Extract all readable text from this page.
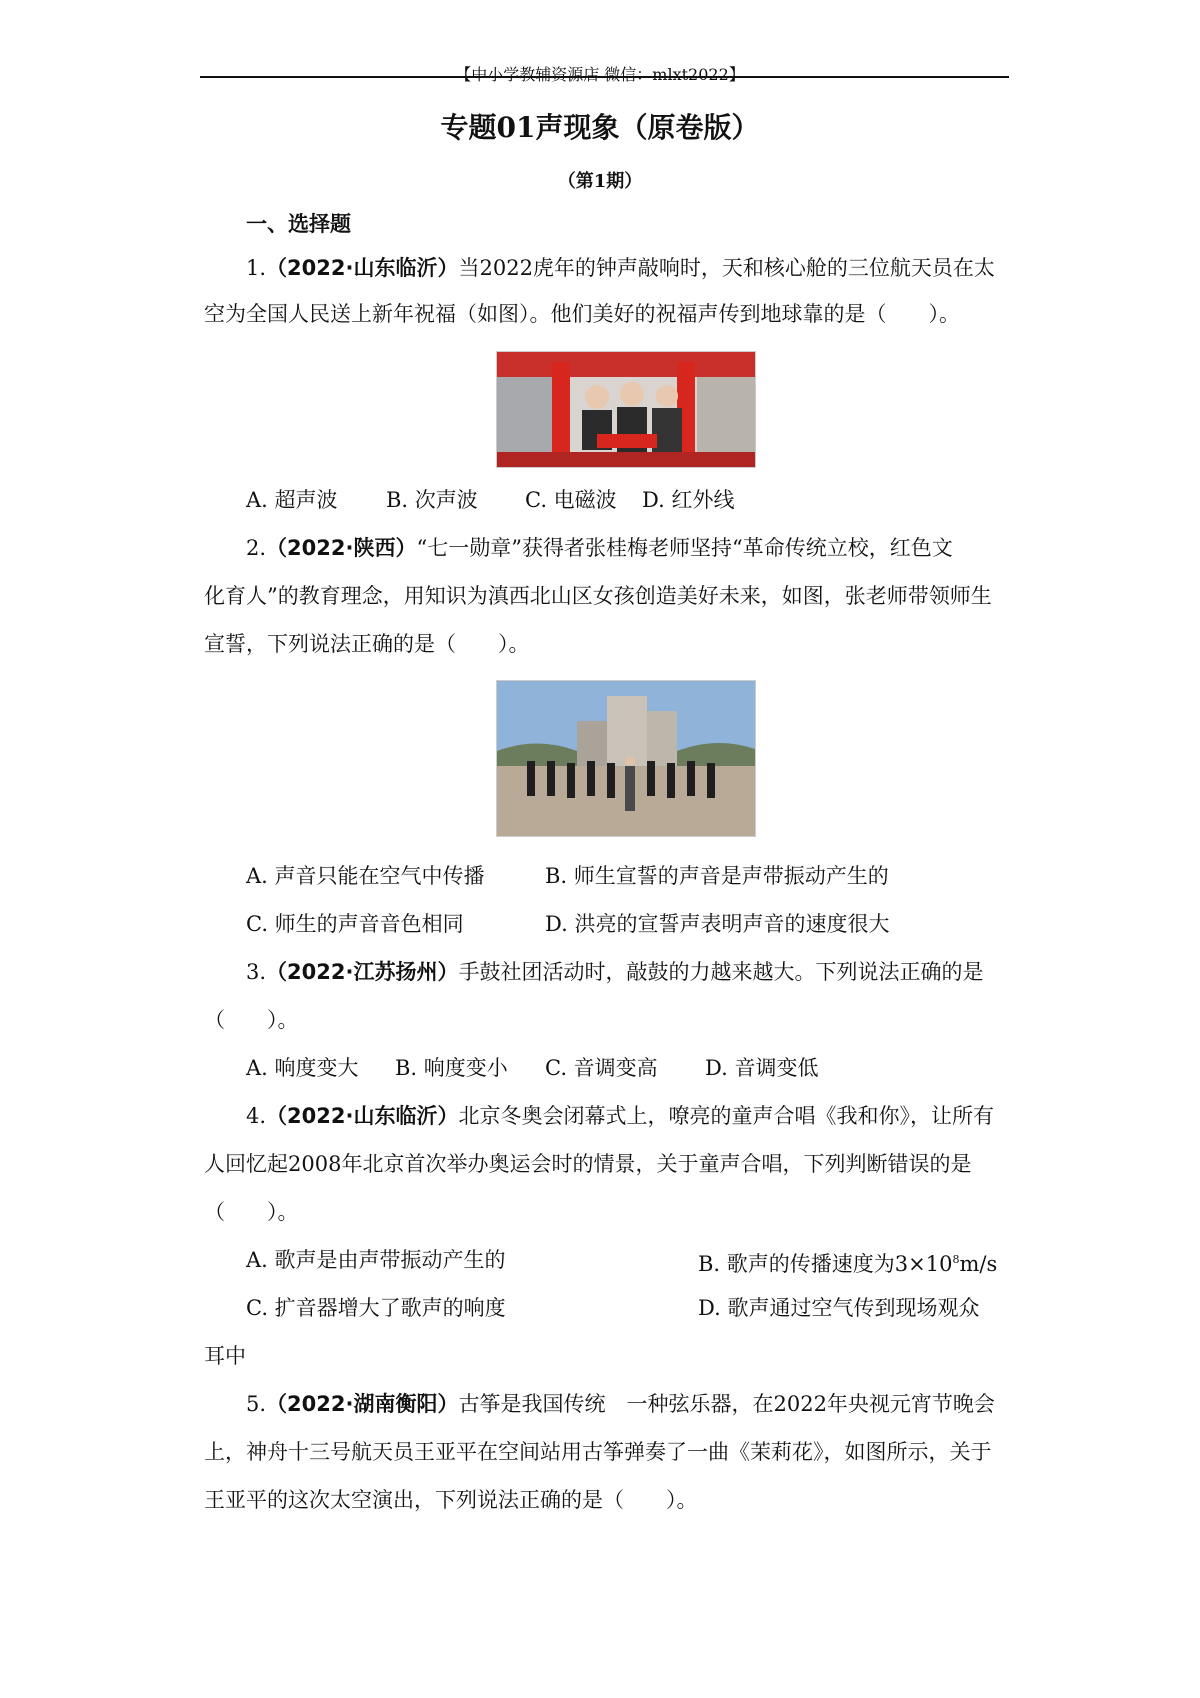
【中小学教辅资源店 微信：mlxt2022】
专题01声现象（原卷版）
（第1期）
一、选择题
1.（2022·山东临沂）当2022虎年的钟声敲响时，天和核心舱的三位航天员在太
空为全国人民送上新年祝福（如图）。他们美好的祝福声传到地球靠的是（　　）。
A. 超声波 B. 次声波 C. 电磁波 D. 红外线
2.（2022·陕西）“七一勋章”获得者张桂梅老师坚持“革命传统立校，红色文
化育人”的教育理念，用知识为滇西北山区女孩创造美好未来，如图，张老师带领师生
宣誓，下列说法正确的是（　　）。
A. 声音只能在空气中传播	B. 师生宣誓的声音是声带振动产生的
C. 师生的声音音色相同	D. 洪亮的宣誓声表明声音的速度很大
3.（2022·江苏扬州）手鼓社团活动时，敲鼓的力越来越大。下列说法正确的是
（　　）。
A. 响度变大 B. 响度变小 C. 音调变高 D. 音调变低
4.（2022·山东临沂）北京冬奥会闭幕式上，嘹亮的童声合唱《我和你》，让所有
人回忆起2008年北京首次举办奥运会时的情景，关于童声合唱，下列判断错误的是
（　　）。
A. 歌声是由声带振动产生的	B. 歌声的传播速度为$3\times 10^8m/s$
C. 扩音器增大了歌声的响度	D. 歌声通过空气传到现场观众
耳中
5.（2022·湖南衡阳）古筝是我国传统　一种弦乐器，在2022年央视元宵节晚会
上，神舟十三号航天员王亚平在空间站用古筝弹奏了一曲《茉莉花》，如图所示，关于
王亚平的这次太空演出，下列说法正确的是（　　）。
